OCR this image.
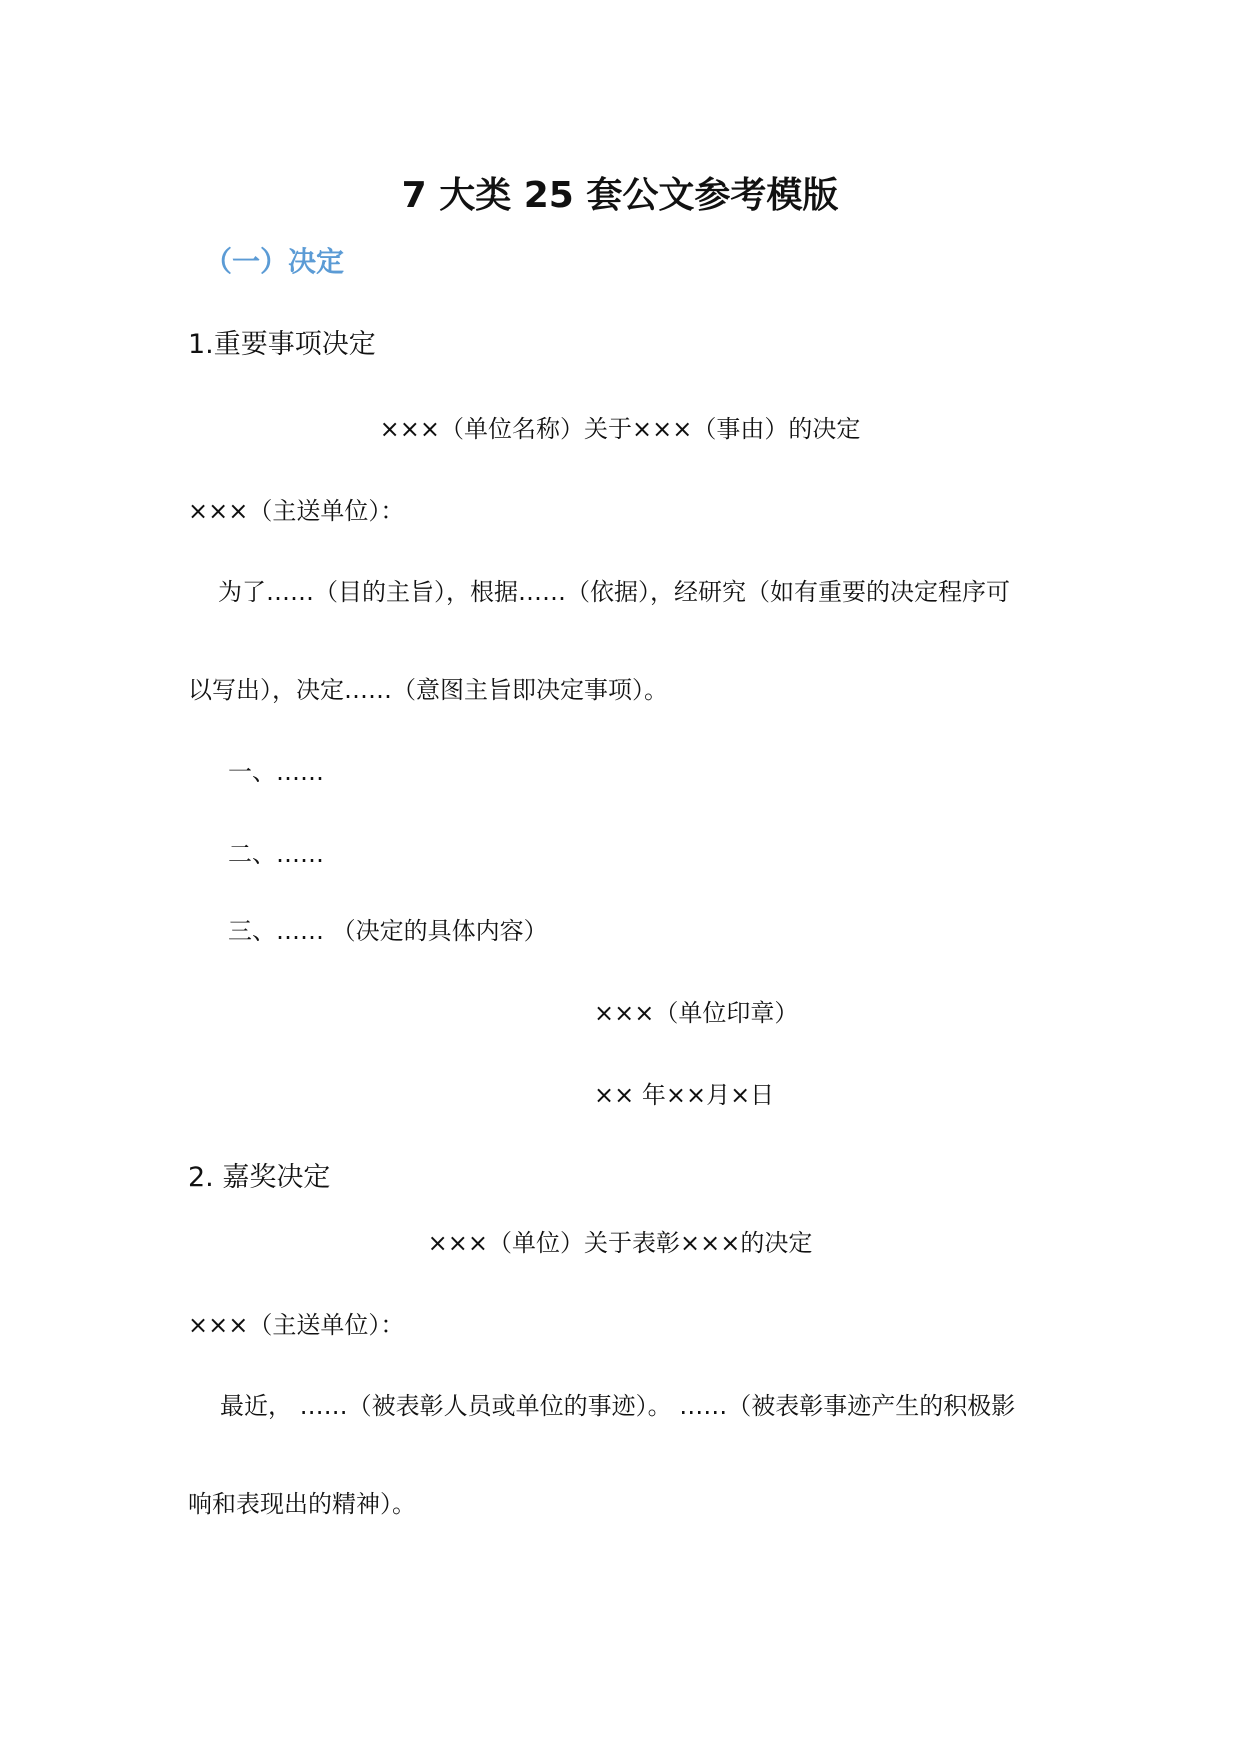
7 大类 25 套公文参考模版
（一）决定
1.重要事项决定
×××（单位名称）关于×××（事由）的决定
×××（主送单位）：
为了……（目的主旨），根据……（依据），经研究（如有重要的决定程序可
以写出），决定……（意图主旨即决定事项）。
一、……
二、……
三、…… （决定的具体内容）
×××（单位印章）
×× 年××月×日
2. 嘉奖决定
×××（单位）关于表彰×××的决定
×××（主送单位）：
最近， ……（被表彰人员或单位的事迹）。 ……（被表彰事迹产生的积极影
响和表现出的精神）。
